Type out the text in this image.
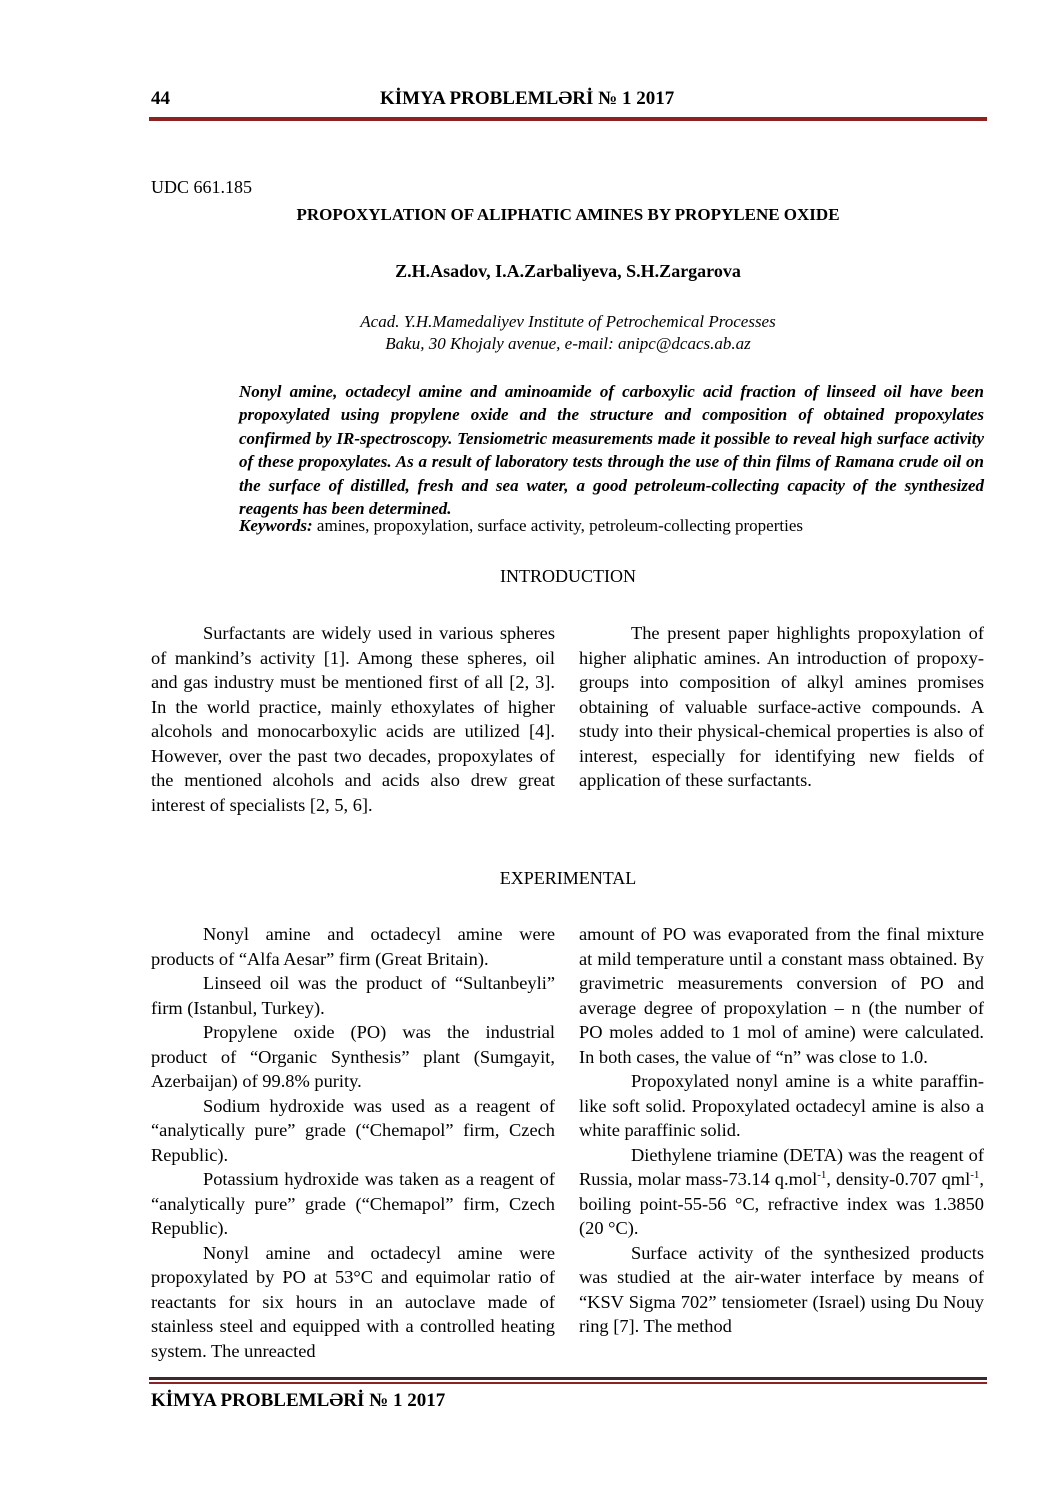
44	KİMYA PROBLEMLƏRİ № 1 2017
UDC 661.185
PROPOXYLATION OF ALIPHATIC AMINES BY PROPYLENE OXIDE
Z.H.Asadov, I.A.Zarbaliyeva, S.H.Zargarova
Acad. Y.H.Mamedaliyev Institute of Petrochemical Processes
Baku, 30 Khojaly avenue, e-mail: anipc@dcacs.ab.az
Nonyl amine, octadecyl amine and aminoamide of carboxylic acid fraction of linseed oil have been propoxylated using propylene oxide and the structure and composition of obtained propoxylates confirmed by IR-spectroscopy. Tensiometric measurements made it possible to reveal high surface activity of these propoxylates. As a result of laboratory tests through the use of thin films of Ramana crude oil on the surface of distilled, fresh and sea water, a good petroleum-collecting capacity of the synthesized reagents has been determined.
Keywords: amines, propoxylation, surface activity, petroleum-collecting properties
INTRODUCTION

Surfactants are widely used in various spheres of mankind’s activity [1]. Among these spheres, oil and gas industry must be mentioned first of all [2, 3]. In the world practice, mainly ethoxylates of higher alcohols and monocarboxylic acids are utilized [4]. However, over the past two decades, propoxylates of the mentioned alcohols and acids also drew great interest of specialists [2, 5, 6].

The present paper highlights propoxylation of higher aliphatic amines. An introduction of propoxy-groups into composition of alkyl amines promises obtaining of valuable surface-active compounds. A study into their physical-chemical properties is also of interest, especially for identifying new fields of application of these surfactants.

EXPERIMENTAL

Nonyl amine and octadecyl amine were products of “Alfa Aesar” firm (Great Britain).

Linseed oil was the product of “Sultanbeyli” firm (Istanbul, Turkey).

Propylene oxide (PO) was the industrial product of “Organic Synthesis” plant (Sumgayit, Azerbaijan) of 99.8% purity.

Sodium hydroxide was used as a reagent of “analytically pure” grade (“Chemapol” firm, Czech Republic).

Potassium hydroxide was taken as a reagent of “analytically pure” grade (“Chemapol” firm, Czech Republic).

Nonyl amine and octadecyl amine were propoxylated by PO at 53°C and equimolar ratio of reactants for six hours in an autoclave made of stainless steel and equipped with a controlled heating system. The unreacted

amount of PO was evaporated from the final mixture at mild temperature until a constant mass obtained. By gravimetric measurements conversion of PO and average degree of propoxylation – n (the number of PO moles added to 1 mol of amine) were calculated. In both cases, the value of “n” was close to 1.0.

Propoxylated nonyl amine is a white paraffin-like soft solid. Propoxylated octadecyl amine is also a white paraffinic solid.

Diethylene triamine (DETA) was the reagent of Russia, molar mass-73.14 q.mol$^{-1}$, density-0.707 qml$^{-1}$, boiling point-55-56 °C, refractive index was 1.3850 (20 °C).

Surface activity of the synthesized products was studied at the air-water interface by means of “KSV Sigma 702” tensiometer (Israel) using Du Nouy ring [7]. The method

KİMYA PROBLEMLƏRİ № 1 2017
